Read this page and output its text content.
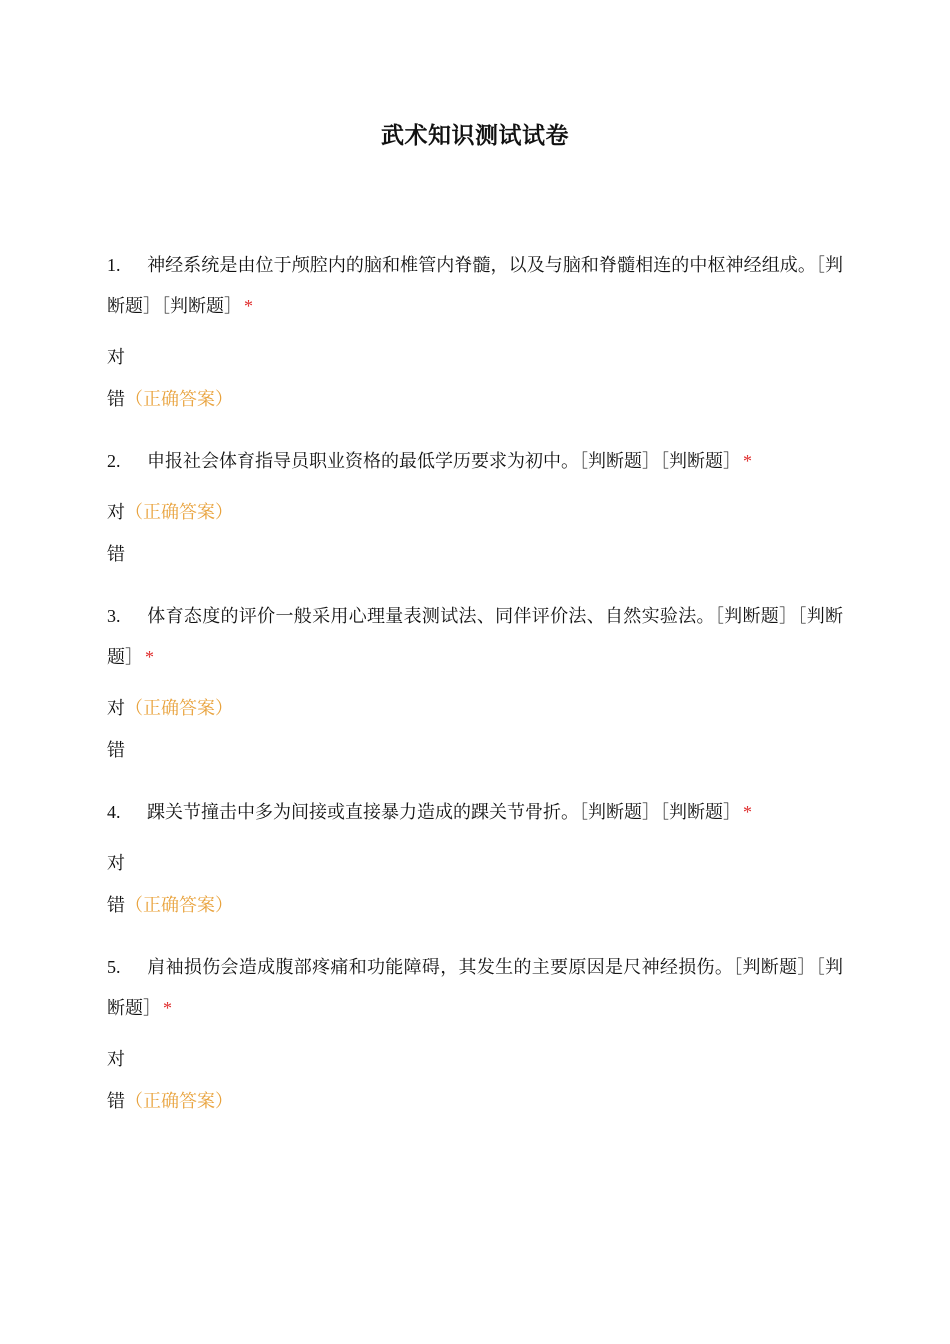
武术知识测试试卷

1. 神经系统是由位于颅腔内的脑和椎管内脊髓，以及与脑和脊髓相连的中枢神经组成。［判断题］［判断题］ *

对
错（正确答案）

2. 申报社会体育指导员职业资格的最低学历要求为初中。［判断题］［判断题］ *

对（正确答案）
错

3. 体育态度的评价一般采用心理量表测试法、同伴评价法、自然实验法。［判断题］［判断题］ *

对（正确答案）
错

4. 踝关节撞击中多为间接或直接暴力造成的踝关节骨折。［判断题］［判断题］ *

对
错（正确答案）

5. 肩袖损伤会造成腹部疼痛和功能障碍，其发生的主要原因是尺神经损伤。［判断题］［判断题］ *

对
错（正确答案）
